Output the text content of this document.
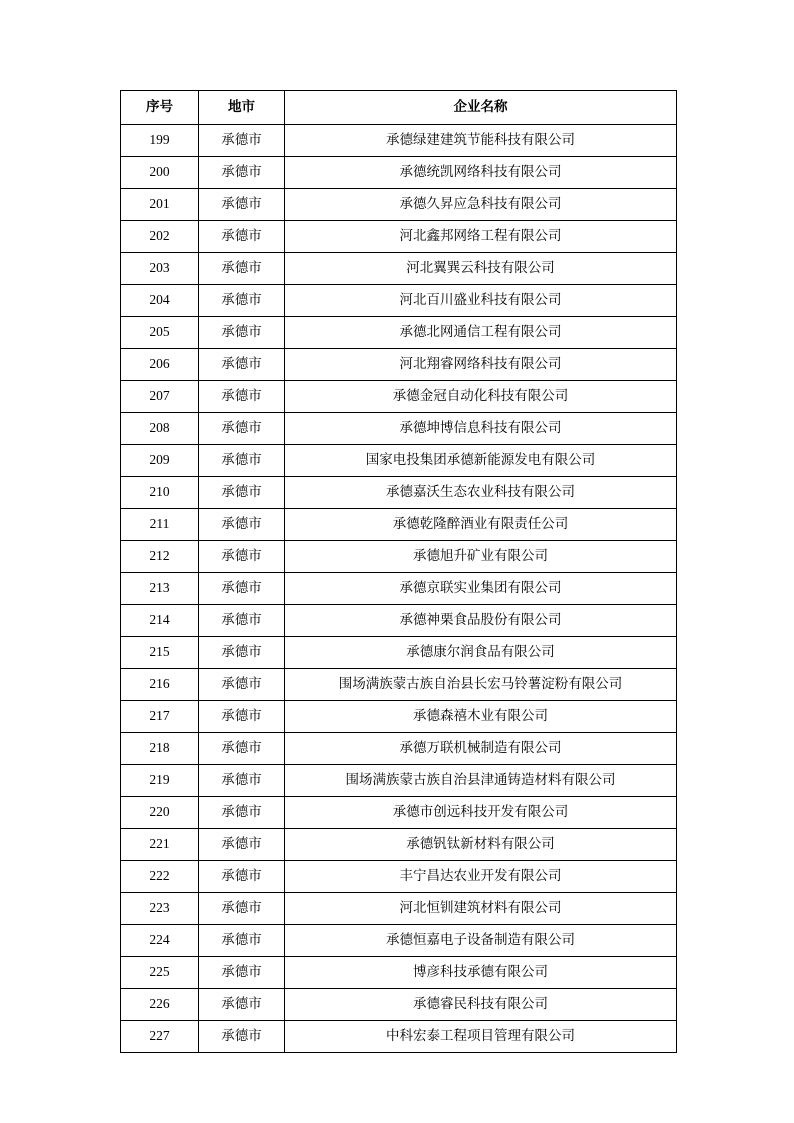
序号	地市	企业名称
199	承德市	承德绿建建筑节能科技有限公司
200	承德市	承德统凯网络科技有限公司
201	承德市	承德久昇应急科技有限公司
202	承德市	河北鑫邦网络工程有限公司
203	承德市	河北翼巽云科技有限公司
204	承德市	河北百川盛业科技有限公司
205	承德市	承德北网通信工程有限公司
206	承德市	河北翔睿网络科技有限公司
207	承德市	承德金冠自动化科技有限公司
208	承德市	承德坤博信息科技有限公司
209	承德市	国家电投集团承德新能源发电有限公司
210	承德市	承德嘉沃生态农业科技有限公司
211	承德市	承德乾隆醉酒业有限责任公司
212	承德市	承德旭升矿业有限公司
213	承德市	承德京联实业集团有限公司
214	承德市	承德神栗食品股份有限公司
215	承德市	承德康尔润食品有限公司
216	承德市	围场满族蒙古族自治县长宏马铃薯淀粉有限公司
217	承德市	承德森禧木业有限公司
218	承德市	承德万联机械制造有限公司
219	承德市	围场满族蒙古族自治县津通铸造材料有限公司
220	承德市	承德市创远科技开发有限公司
221	承德市	承德钒钛新材料有限公司
222	承德市	丰宁昌达农业开发有限公司
223	承德市	河北恒钏建筑材料有限公司
224	承德市	承德恒嘉电子设备制造有限公司
225	承德市	博彦科技承德有限公司
226	承德市	承德睿民科技有限公司
227	承德市	中科宏泰工程项目管理有限公司
